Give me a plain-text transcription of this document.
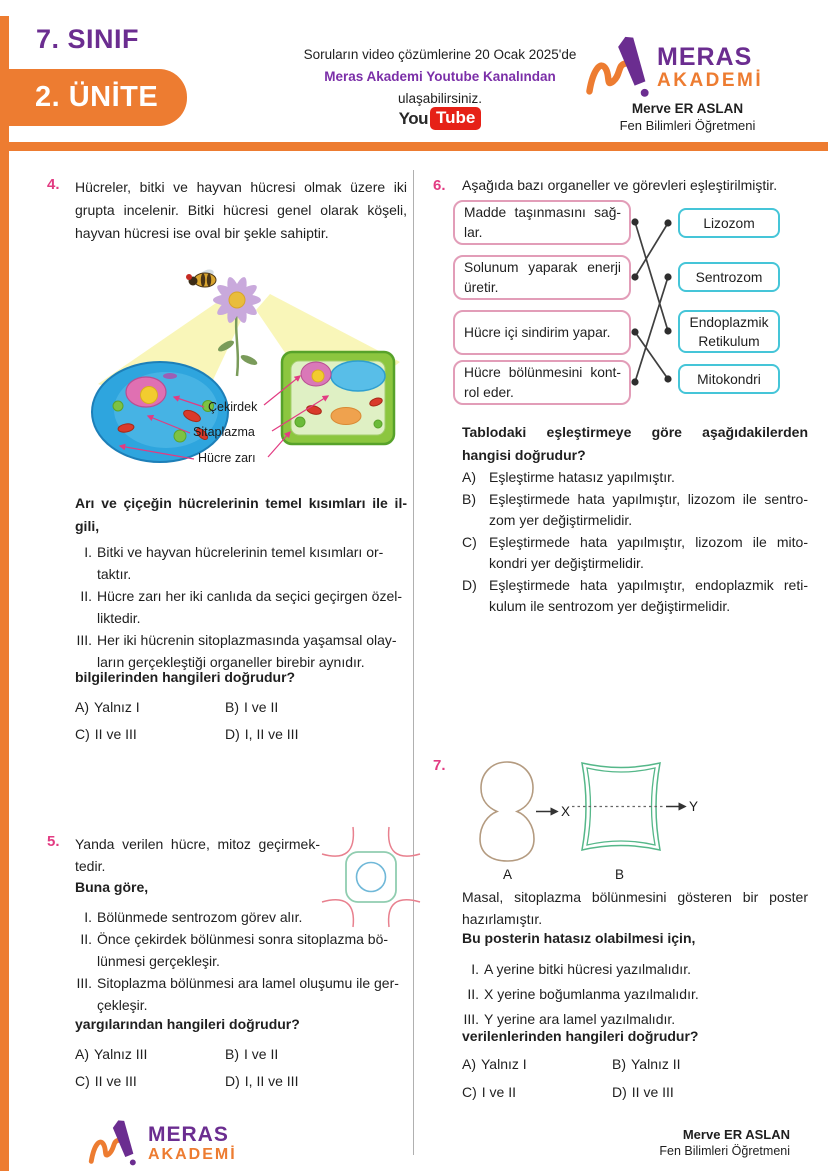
7. SINIF
2. ÜNİTE
Soruların video çözümlerine 20 Ocak 2025'de
Meras Akademi Youtube Kanalından
ulaşabilirsiniz.
You Tube
MERAS
AKADEMİ
Merve ER ASLAN
Fen Bilimleri Öğretmeni
4. Hücreler, bitki ve hayvan hücresi olmak üzere iki
grupta incelenir. Bitki hücresi genel olarak köşeli,
hayvan hücresi ise oval bir şekle sahiptir.
Çekirdek
Sitaplazma
Hücre zarı
Arı ve çiçeğin hücrelerinin temel kısımları ile il-
gili,
I. Bitki ve hayvan hücrelerinin temel kısımları or-
taktır.
II. Hücre zarı her iki canlıda da seçici geçirgen özel-
liktedir.
III. Her iki hücrenin sitoplazmasında yaşamsal olay-
ların gerçekleştiği organeller birebir aynıdır.
bilgilerinden hangileri doğrudur?
A) Yalnız I	B) I ve II
C) II ve III	D) I, II ve III
5. Yanda verilen hücre, mitoz geçirmek-
tedir.
Buna göre,
I. Bölünmede sentrozom görev alır.
II. Önce çekirdek bölünmesi sonra sitoplazma bö-
lünmesi gerçekleşir.
III. Sitoplazma bölünmesi ara lamel oluşumu ile ger-
çekleşir.
yargılarından hangileri doğrudur?
A) Yalnız III	B) I ve II
C) II ve III	D) I, II ve III
6. Aşağıda bazı organeller ve görevleri eşleştirilmiştir.
Madde taşınmasını sağ-
lar.
Solunum yaparak enerji
üretir.
Hücre içi sindirim yapar.
Hücre bölünmesini kont-
rol eder.
Lizozom
Sentrozom
Endoplazmik Retikulum
Mitokondri
Tablodaki eşleştirmeye göre aşağıdakilerden
hangisi doğrudur?
A) Eşleştirme hatasız yapılmıştır.
B) Eşleştirmede hata yapılmıştır, lizozom ile sentro-
zom yer değiştirmelidir.
C) Eşleştirmede hata yapılmıştır, lizozom ile mito-
kondri yer değiştirmelidir.
D) Eşleştirmede hata yapılmıştır, endoplazmik reti-
kulum ile sentrozom yer değiştirmelidir.
7.
X	Y
A	B
Masal, sitoplazma bölünmesini gösteren bir poster
hazırlamıştır.
Bu posterin hatasız olabilmesi için,
I. A yerine bitki hücresi yazılmalıdır.
II. X yerine boğumlanma yazılmalıdır.
III. Y yerine ara lamel yazılmalıdır.
verilenlerinden hangileri doğrudur?
A) Yalnız I	B) Yalnız II
C) I ve II	D) II ve III
MERAS
AKADEMİ
Merve ER ASLAN
Fen Bilimleri Öğretmeni
